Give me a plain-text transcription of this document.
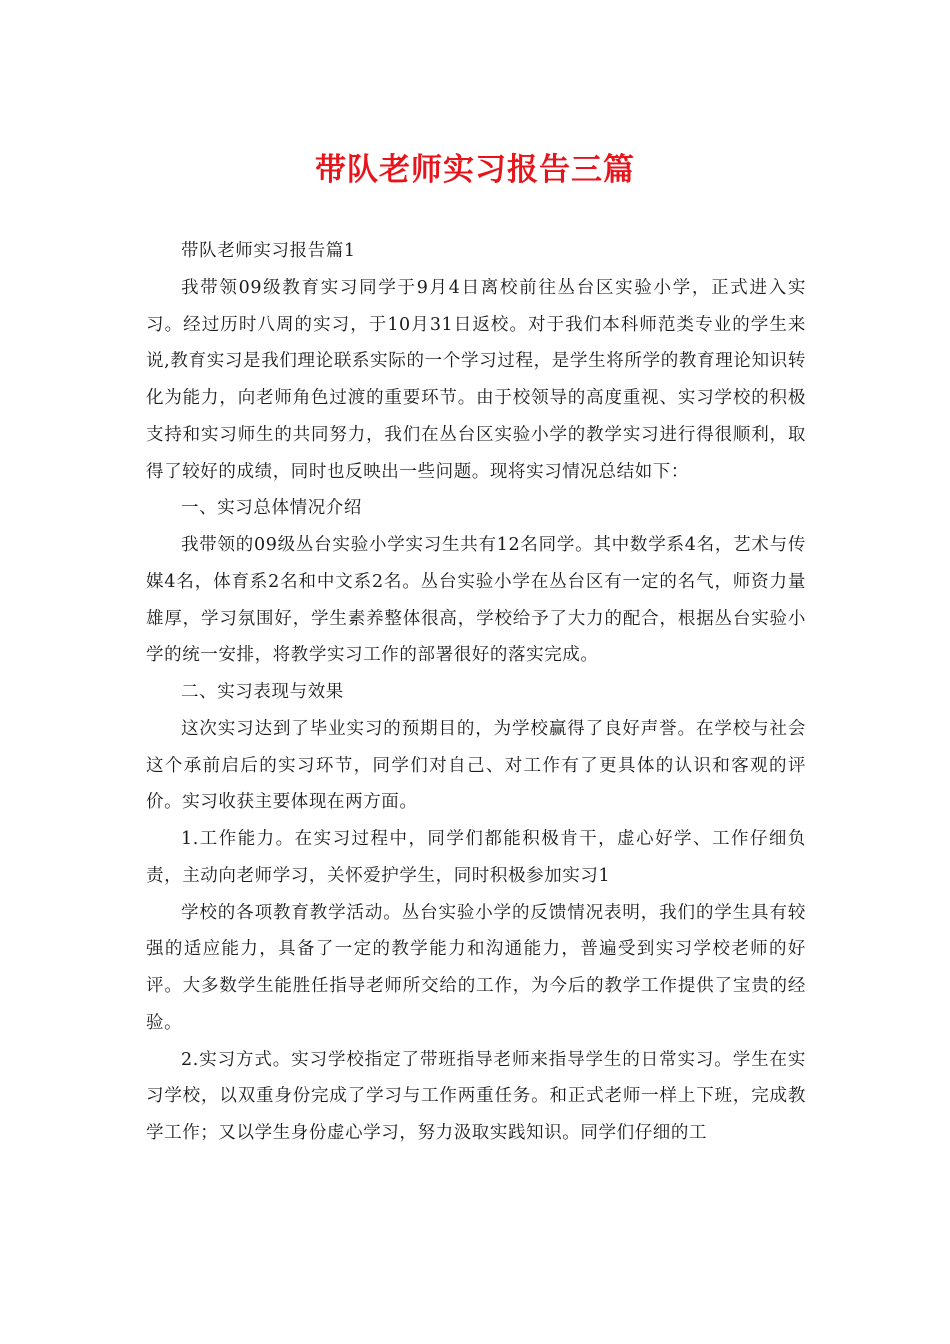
带队老师实习报告三篇

带队老师实习报告篇1

我带领09级教育实习同学于9月4日离校前往丛台区实验小学，正式进入实习。经过历时八周的实习，于10月31日返校。对于我们本科师范类专业的学生来说,教育实习是我们理论联系实际的一个学习过程，是学生将所学的教育理论知识转化为能力，向老师角色过渡的重要环节。由于校领导的高度重视、实习学校的积极支持和实习师生的共同努力，我们在丛台区实验小学的教学实习进行得很顺利，取得了较好的成绩，同时也反映出一些问题。现将实习情况总结如下：

一、实习总体情况介绍

我带领的09级丛台实验小学实习生共有12名同学。其中数学系4名，艺术与传媒4名，体育系2名和中文系2名。丛台实验小学在丛台区有一定的名气，师资力量雄厚，学习氛围好，学生素养整体很高，学校给予了大力的配合，根据丛台实验小学的统一安排，将教学实习工作的部署很好的落实完成。

二、实习表现与效果

这次实习达到了毕业实习的预期目的，为学校赢得了良好声誉。在学校与社会这个承前启后的实习环节，同学们对自己、对工作有了更具体的认识和客观的评价。实习收获主要体现在两方面。

1.工作能力。在实习过程中，同学们都能积极肯干，虚心好学、工作仔细负责，主动向老师学习，关怀爱护学生，同时积极参加实习1

学校的各项教育教学活动。丛台实验小学的反馈情况表明，我们的学生具有较强的适应能力，具备了一定的教学能力和沟通能力，普遍受到实习学校老师的好评。大多数学生能胜任指导老师所交给的工作，为今后的教学工作提供了宝贵的经验。

2.实习方式。实习学校指定了带班指导老师来指导学生的日常实习。学生在实习学校，以双重身份完成了学习与工作两重任务。和正式老师一样上下班，完成教学工作；又以学生身份虚心学习，努力汲取实践知识。同学们仔细的工
